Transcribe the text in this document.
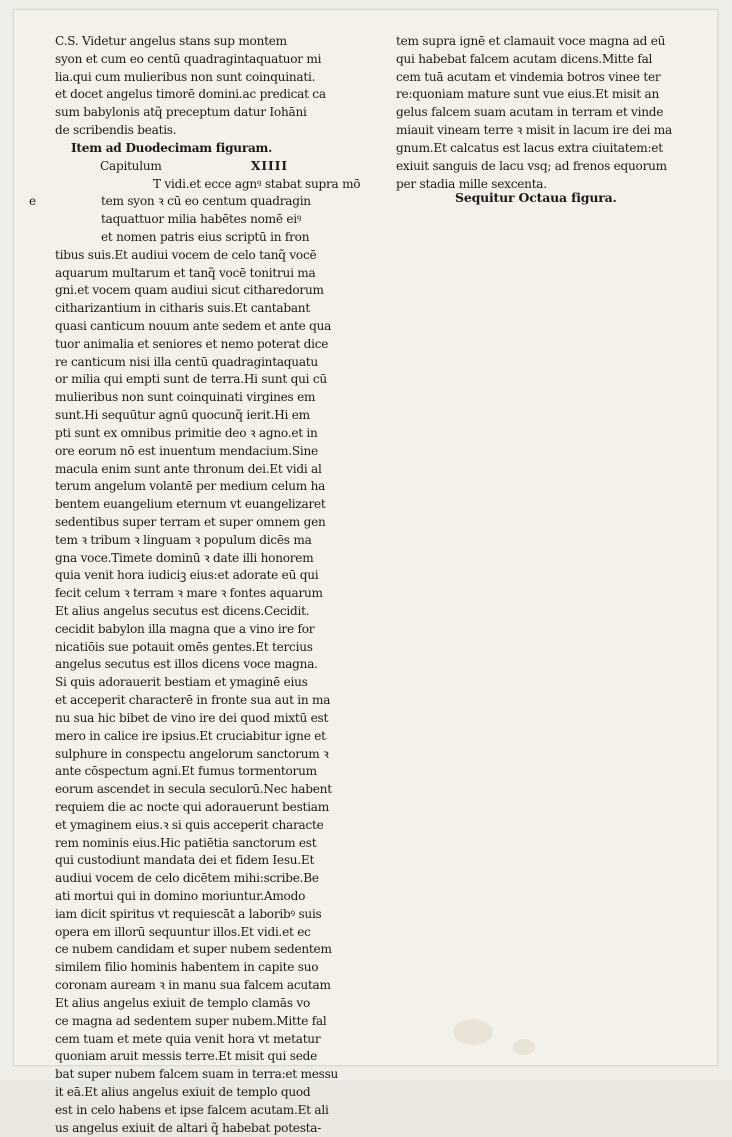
C.S. Videtur angelus stans sup montem
syon et cum eo centū quadragintaquatuor mi
lia.qui cum mulieribus non sunt coinquinati.
et docet angelus timorē domini.ac predicat ca
sum babylonis atq̃ preceptum datur Iohāni
de scribendis beatis.
Item ad Duodecimam figuram.
Capitulum	XIIII
T vidi.et ecce agnꝰ stabat supra mō
tem syon ꝛ cū eo centum quadragin
e
taquattuor milia habētes nomē eiꝰ
et nomen patris eius scriptū in fron
tibus suis.Et audiui vocem de celo tanq̃ vocē
aquarum multarum et tanq̃ vocē tonitrui ma
gni.et vocem quam audiui sicut citharedorum
citharizantium in citharis suis.Et cantabant
quasi canticum nouum ante sedem et ante qua
tuor animalia et seniores et nemo poterat dice
re canticum nisi illa centū quadragintaquatu
or milia qui empti sunt de terra.Hi sunt qui cū
mulieribus non sunt coinquinati virgines em
sunt.Hi sequūtur agnū quocunq̃ ierit.Hi em
pti sunt ex omnibus primitie deo ꝛ agno.et in
ore eorum nō est inuentum mendacium.Sine
macula enim sunt ante thronum dei.Et vidi al
terum angelum volantē per medium celum ha
bentem euangelium eternum vt euangelizaret
sedentibus super terram et super omnem gen
tem ꝛ tribum ꝛ linguam ꝛ populum dicēs ma
gna voce.Timete dominū ꝛ date illi honorem
quia venit hora iudiciꝫ eius:et adorate eū qui
fecit celum ꝛ terram ꝛ mare ꝛ fontes aquarum
Et alius angelus secutus est dicens.Cecidit.
cecidit babylon illa magna que a vino ire for
nicatiōis sue potauit omēs gentes.Et tercius
angelus secutus est illos dicens voce magna.
Si quis adorauerit bestiam et ymaginē eius
et acceperit characterē in fronte sua aut in ma
nu sua hic bibet de vino ire dei quod mixtū est
mero in calice ire ipsius.Et cruciabitur igne et
sulphure in conspectu angelorum sanctorum ꝛ
ante cōspectum agni.Et fumus tormentorum
eorum ascendet in secula seculorū.Nec habent
requiem die ac nocte qui adorauerunt bestiam
et ymaginem eius.ꝛ si quis acceperit characte
rem nominis eius.Hic patiētia sanctorum est
qui custodiunt mandata dei et fidem Iesu.Et
audiui vocem de celo dicētem mihi:scribe.Be
ati mortui qui in domino moriuntur.Amodo
iam dicit spiritus vt requiescāt a laboribꝰ suis
opera em illorū sequuntur illos.Et vidi.et ec
ce nubem candidam et super nubem sedentem
similem filio hominis habentem in capite suo
coronam auream ꝛ in manu sua falcem acutam
Et alius angelus exiuit de templo clamās vo
ce magna ad sedentem super nubem.Mitte fal
cem tuam et mete quia venit hora vt metatur
quoniam aruit messis terre.Et misit qui sede
bat super nubem falcem suam in terra:et messu
it eā.Et alius angelus exiuit de templo quod
est in celo habens et ipse falcem acutam.Et ali
us angelus exiuit de altari q̃ habebat potesta-
tem supra ignē et clamauit voce magna ad eū
qui habebat falcem acutam dicens.Mitte fal
cem tuā acutam et vindemia botros vinee ter
re:quoniam mature sunt vue eius.Et misit an
gelus falcem suam acutam in terram et vinde
miauit vineam terre ꝛ misit in lacum ire dei ma
gnum.Et calcatus est lacus extra ciuitatem:et
exiuit sanguis de lacu vsq; ad frenos equorum
per stadia mille sexcenta.
Sequitur Octaua figura.
